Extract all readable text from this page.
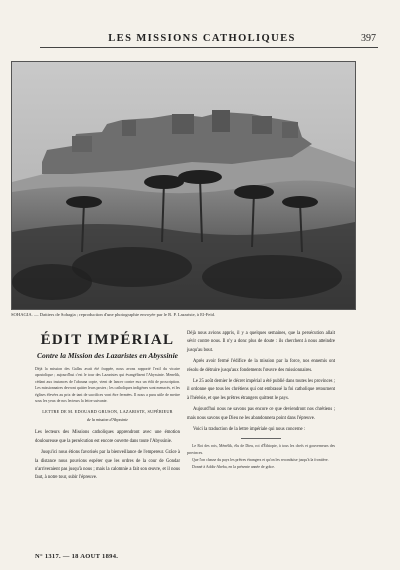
LES MISSIONS CATHOLIQUES	397
SOHAGIA. — Dattiers de Sohagia ; reproduction d'une photographie envoyée par le R. P. Lazariste, à El-Feïd.
ÉDIT IMPÉRIAL
Contre la Mission des Lazaristes en Abyssinie

Déjà la mission des Gallas avait été frappée, nous avons rapporté l'exil du vicaire apostolique ; aujourd'hui c'est le tour des Lazaristes qui évangélisent l'Abyssinie. Menelik, cédant aux instances de l'abouna copte, vient de lancer contre eux un édit de proscription. Les missionnaires devront quitter leurs postes ; les catholiques indigènes sont menacés, et les églises élevées au prix de tant de sacrifices vont être fermées. Il nous a paru utile de mettre sous les yeux de nos lecteurs la lettre suivante.

LETTRE DE M. EDOUARD GRUSON, LAZARISTE, SUPÉRIEUR
de la mission d'Abyssinie

Les lecteurs des Missions catholiques apprendront avec une émotion douloureuse que la persécution est encore ouverte dans toute l'Abyssinie.

Jusqu'ici nous étions favorisés par la bienveillance de l'empereur. Grâce à la distance nous pouvions espérer que les ordres de la cour de Gondar n'arriveraient pas jusqu'à nous ; mais la calomnie a fait son œuvre, et il nous faut, à notre tour, subir l'épreuve.

Déjà nous avions appris, il y a quelques semaines, que la persécution allait sévir contre nous. Il n'y a donc plus de doute : ils cherchent à nous atteindre jusqu'au bout.

Après avoir fermé l'édifice de la mission par la force, nos ennemis ont résolu de détruire jusqu'aux fondements l'œuvre des missionnaires.

Le 25 août dernier le décret impérial a été publié dans toutes les provinces ; il ordonne que tous les chrétiens qui ont embrassé la foi catholique retournent à l'hérésie, et que les prêtres étrangers quittent le pays.

Aujourd'hui nous ne savons pas encore ce que deviendront nos chrétiens ; mais nous savons que Dieu ne les abandonnera point dans l'épreuve.

Voici la traduction de la lettre impériale qui nous concerne :

Le Roi des rois, Ménélik, élu de Dieu, roi d'Éthiopie, à tous les chefs et gouverneurs des provinces.

Que l'on chasse du pays les prêtres étrangers et qu'on les reconduise jusqu'à la frontière.

Donné à Addis-Abeba, en la présente année de grâce.

N° 1317. — 18 AOUT 1894.
